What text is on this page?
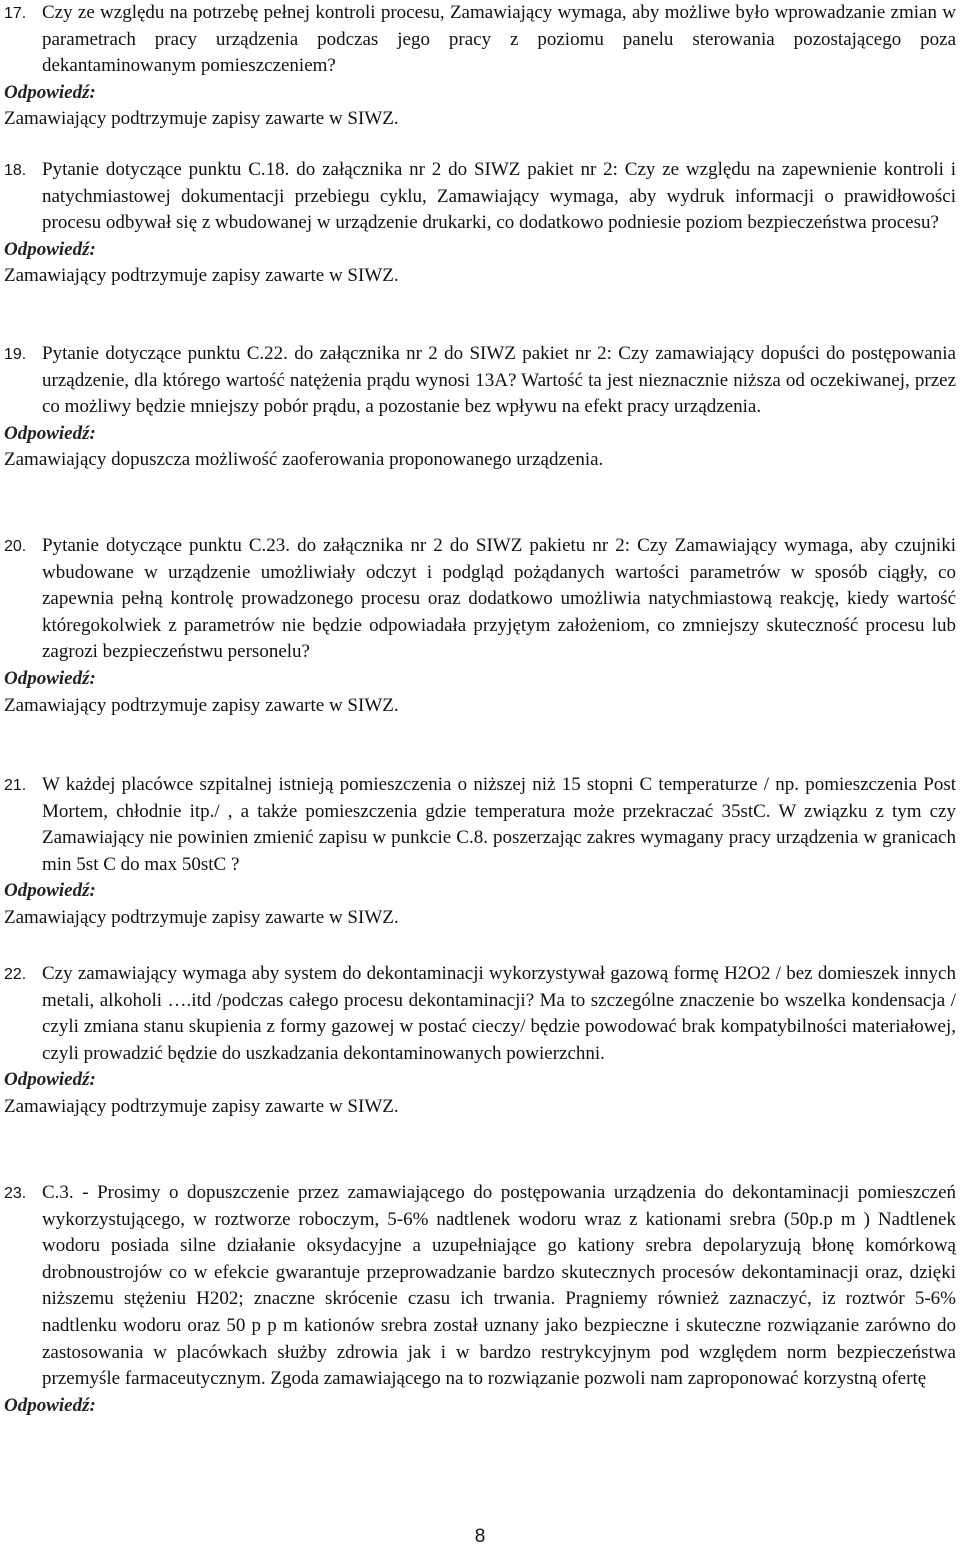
17. Czy ze względu na potrzebę pełnej kontroli procesu, Zamawiający wymaga, aby możliwe było wprowadzanie zmian w parametrach pracy urządzenia podczas jego pracy z poziomu panelu sterowania pozostającego poza dekantaminowanym pomieszczeniem?
Odpowiedź:
Zamawiający podtrzymuje zapisy zawarte w SIWZ.
18. Pytanie dotyczące punktu C.18. do załącznika nr 2 do SIWZ pakiet nr 2: Czy ze względu na zapewnienie kontroli i natychmiastowej dokumentacji przebiegu cyklu, Zamawiający wymaga, aby wydruk informacji o prawidłowości procesu odbywał się z wbudowanej w urządzenie drukarki, co dodatkowo podniesie poziom bezpieczeństwa procesu?
Odpowiedź:
Zamawiający podtrzymuje zapisy zawarte w SIWZ.
19. Pytanie dotyczące punktu C.22. do załącznika nr 2 do SIWZ pakiet nr 2: Czy zamawiający dopuści do postępowania urządzenie, dla którego wartość natężenia prądu wynosi 13A? Wartość ta jest nieznacznie niższa od oczekiwanej, przez co możliwy będzie mniejszy pobór prądu, a pozostanie bez wpływu na efekt pracy urządzenia.
Odpowiedź:
Zamawiający dopuszcza możliwość zaoferowania proponowanego urządzenia.
20. Pytanie dotyczące punktu C.23. do załącznika nr 2 do SIWZ pakietu nr 2: Czy Zamawiający wymaga, aby czujniki wbudowane w urządzenie umożliwiały odczyt i podgląd pożądanych wartości parametrów w sposób ciągły, co zapewnia pełną kontrolę prowadzonego procesu oraz dodatkowo umożliwia natychmiastową reakcję, kiedy wartość któregokolwiek z parametrów nie będzie odpowiadała przyjętym założeniom, co zmniejszy skuteczność procesu lub zagrozi bezpieczeństwu personelu?
Odpowiedź:
Zamawiający podtrzymuje zapisy zawarte w SIWZ.
21. W każdej placówce szpitalnej istnieją pomieszczenia o niższej niż 15 stopni C temperaturze / np. pomieszczenia Post Mortem, chłodnie itp./ , a także pomieszczenia gdzie temperatura może przekraczać 35stC. W związku z tym czy Zamawiający nie powinien zmienić zapisu w punkcie C.8. poszerzając zakres wymagany pracy urządzenia w granicach min 5st C do max 50stC ?
Odpowiedź:
Zamawiający podtrzymuje zapisy zawarte w SIWZ.
22. Czy zamawiający wymaga aby system do dekontaminacji wykorzystywał gazową formę H2O2 / bez domieszek innych metali, alkoholi ….itd /podczas całego procesu dekontaminacji? Ma to szczególne znaczenie bo wszelka kondensacja / czyli zmiana stanu skupienia z formy gazowej w postać cieczy/ będzie powodować brak kompatybilności materiałowej, czyli prowadzić będzie do uszkadzania dekontaminowanych powierzchni.
Odpowiedź:
Zamawiający podtrzymuje zapisy zawarte w SIWZ.
23. C.3. - Prosimy o dopuszczenie przez zamawiającego do postępowania urządzenia do dekontaminacji pomieszczeń wykorzystującego, w roztworze roboczym, 5-6% nadtlenek wodoru wraz z kationami srebra (50p.p m ) Nadtlenek wodoru posiada silne działanie oksydacyjne a uzupełniające go kationy srebra depolaryzują błonę komórkową drobnoustrojów co w efekcie gwarantuje przeprowadzanie bardzo skutecznych procesów dekontaminacji oraz, dzięki niższemu stężeniu H202; znaczne skrócenie czasu ich trwania. Pragniemy również zaznaczyć, iz roztwór 5-6% nadtlenku wodoru oraz 50 p p m kationów srebra został uznany jako bezpieczne i skuteczne rozwiązanie zarówno do zastosowania w placówkach służby zdrowia jak i w bardzo restrykcyjnym pod względem norm bezpieczeństwa przemyśle farmaceutycznym. Zgoda zamawiającego na to rozwiązanie pozwoli nam zaproponować korzystną ofertę
Odpowiedź:
8
